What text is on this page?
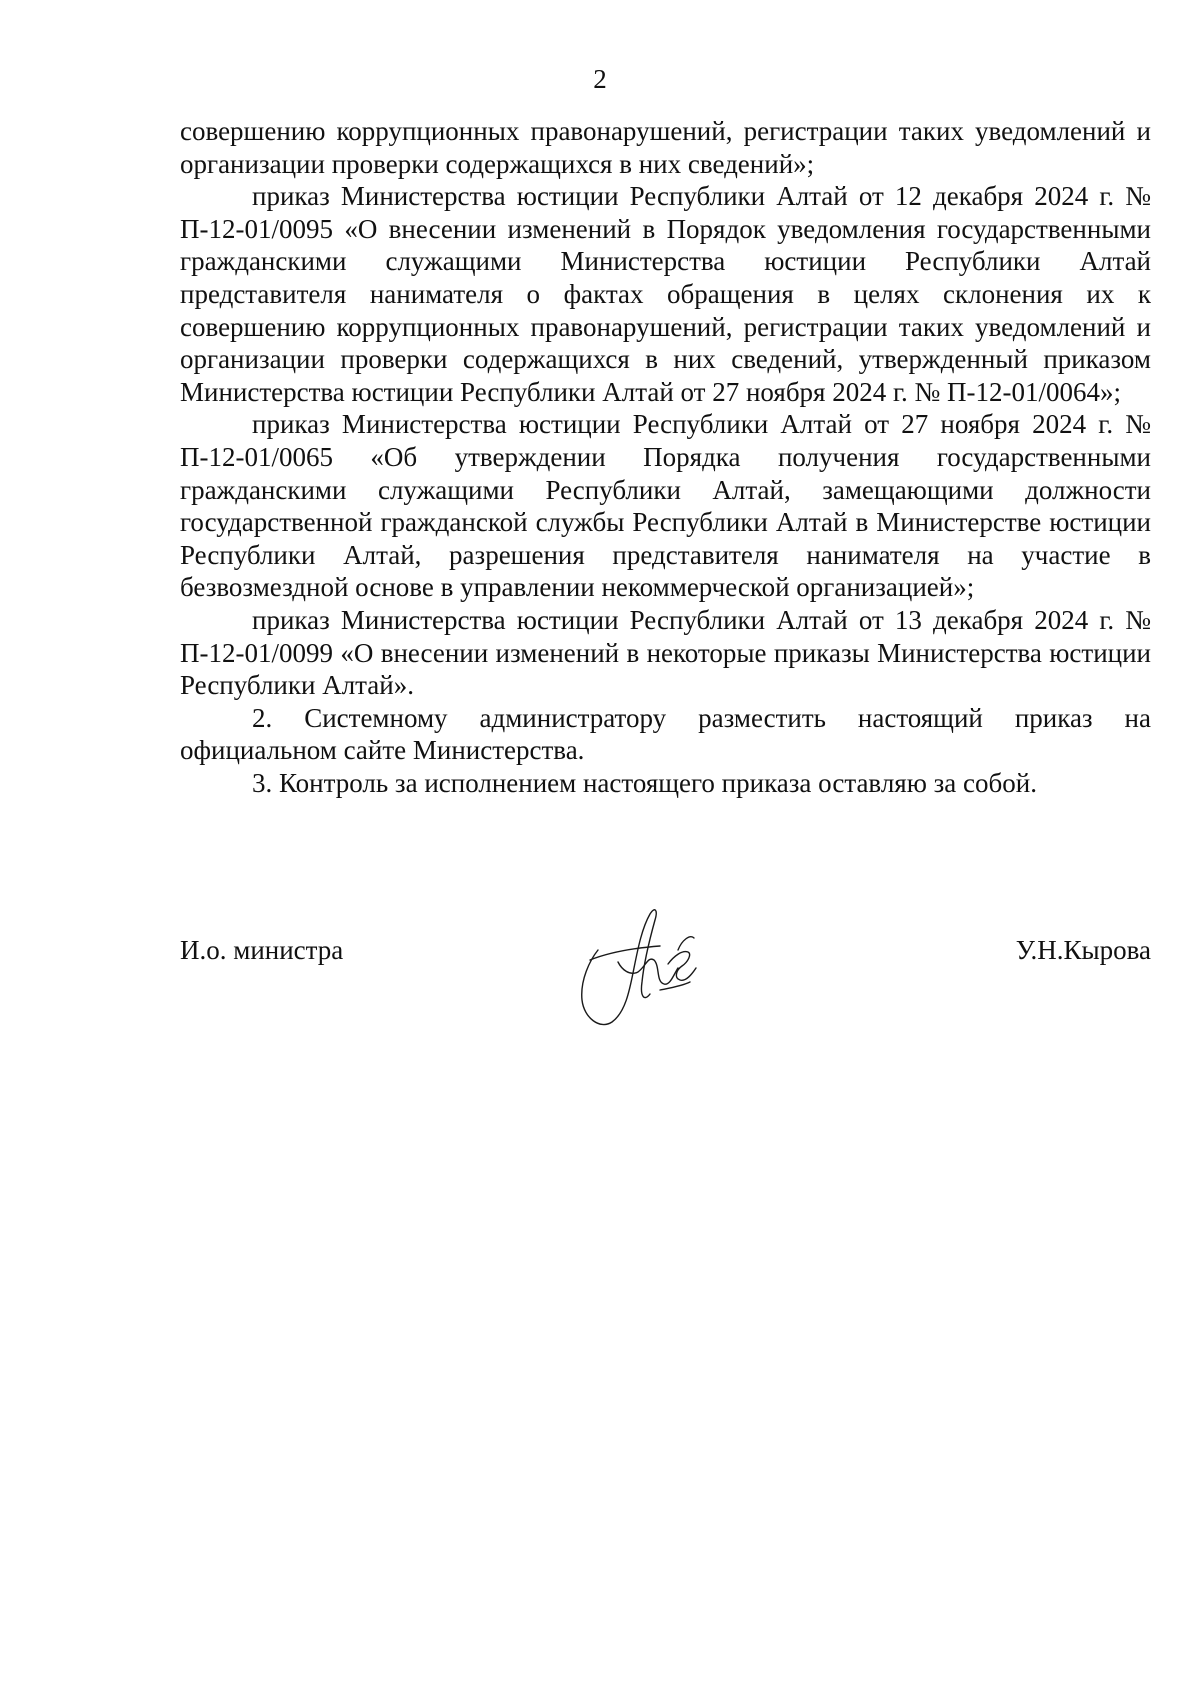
2

совершению коррупционных правонарушений, регистрации таких уведомлений и организации проверки содержащихся в них сведений»;

приказ Министерства юстиции Республики Алтай от 12 декабря 2024 г. № П-12-01/0095 «О внесении изменений в Порядок уведомления государственными гражданскими служащими Министерства юстиции Республики Алтай представителя нанимателя о фактах обращения в целях склонения их к совершению коррупционных правонарушений, регистрации таких уведомлений и организации проверки содержащихся в них сведений, утвержденный приказом Министерства юстиции Республики Алтай от 27 ноября 2024 г. № П-12-01/0064»;

приказ Министерства юстиции Республики Алтай от 27 ноября 2024 г. № П-12-01/0065 «Об утверждении Порядка получения государственными гражданскими служащими Республики Алтай, замещающими должности государственной гражданской службы Республики Алтай в Министерстве юстиции Республики Алтай, разрешения представителя нанимателя на участие в безвозмездной основе в управлении некоммерческой организацией»;

приказ Министерства юстиции Республики Алтай от 13 декабря 2024 г. № П-12-01/0099 «О внесении изменений в некоторые приказы Министерства юстиции Республики Алтай».

2. Системному администратору разместить настоящий приказ на официальном сайте Министерства.

3. Контроль за исполнением настоящего приказа оставляю за собой.

И.о. министра	У.Н.Кырова
